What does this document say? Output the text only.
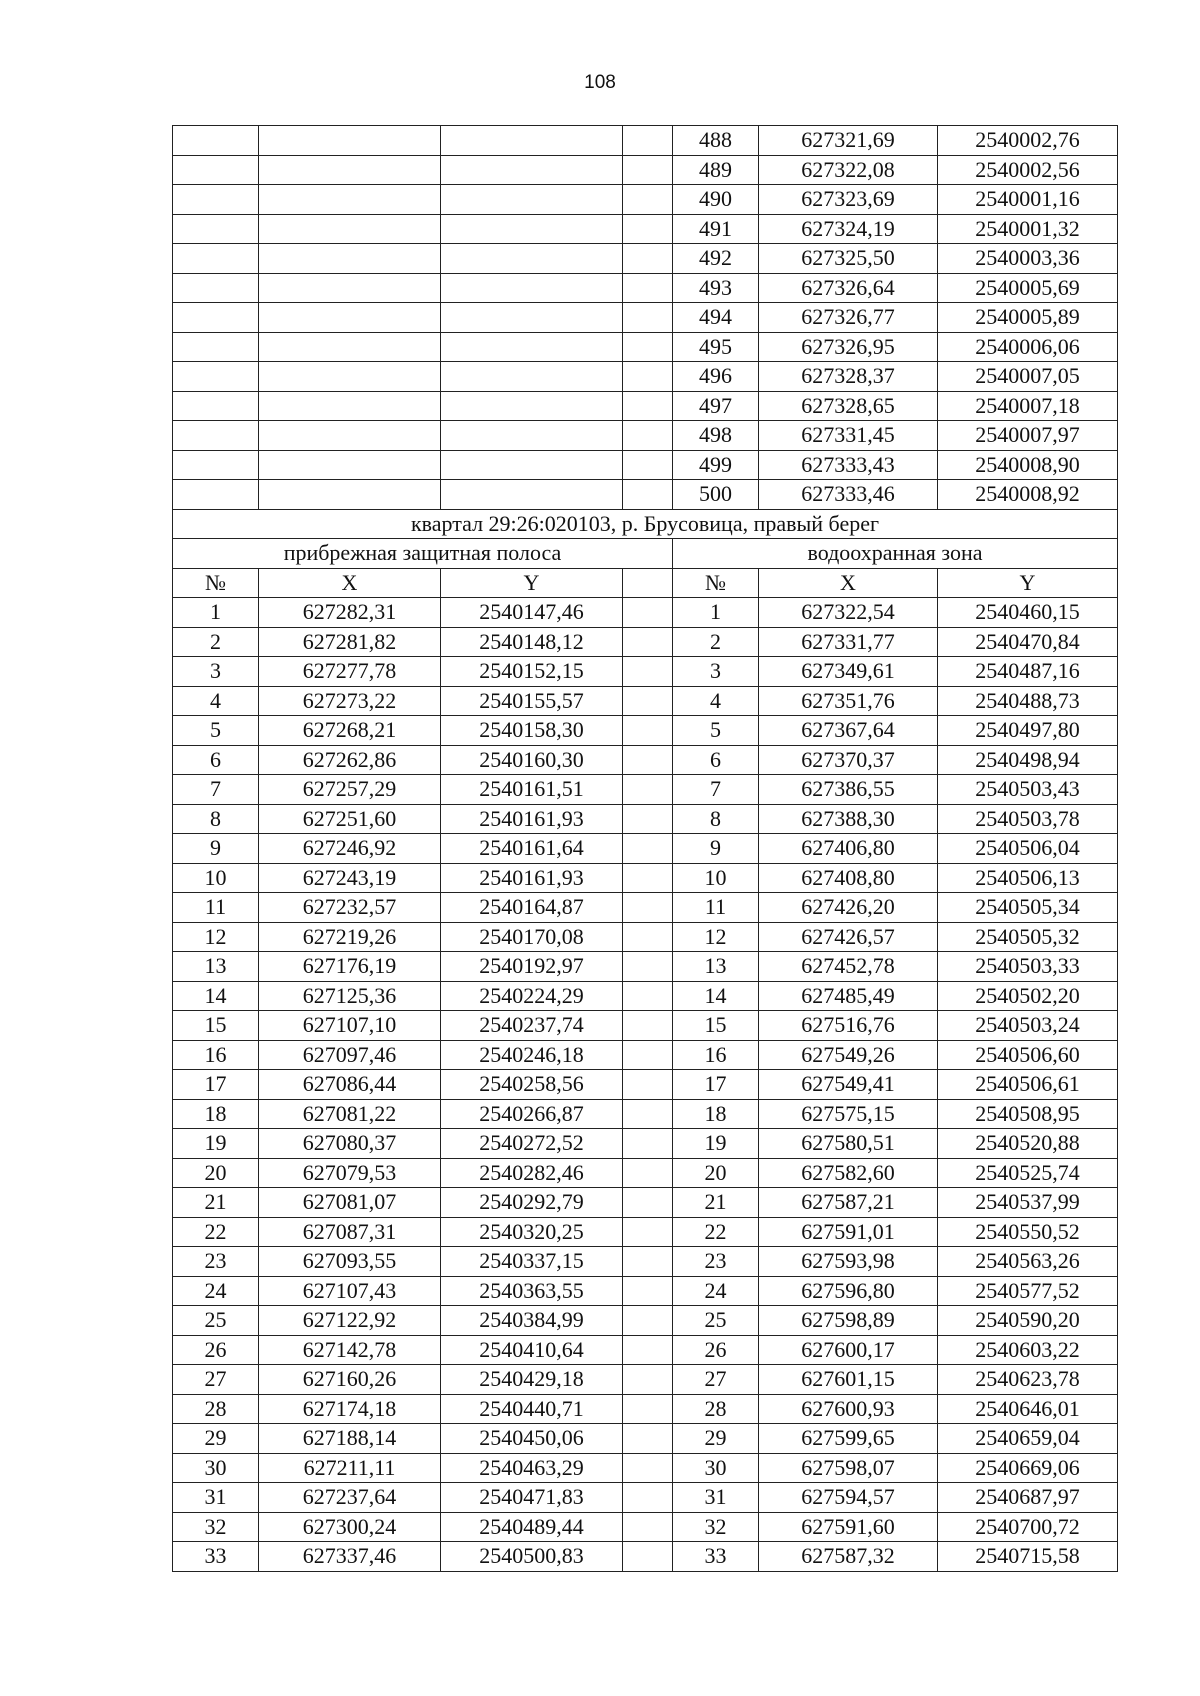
108
				488	627321,69	2540002,76
				489	627322,08	2540002,56
				490	627323,69	2540001,16
				491	627324,19	2540001,32
				492	627325,50	2540003,36
				493	627326,64	2540005,69
				494	627326,77	2540005,89
				495	627326,95	2540006,06
				496	627328,37	2540007,05
				497	627328,65	2540007,18
				498	627331,45	2540007,97
				499	627333,43	2540008,90
				500	627333,46	2540008,92
квартал 29:26:020103, р. Брусовица, правый берег						
прибрежная защитная полоса				водоохранная зона		
№	X	Y		№	X	Y
1	627282,31	2540147,46		1	627322,54	2540460,15
2	627281,82	2540148,12		2	627331,77	2540470,84
3	627277,78	2540152,15		3	627349,61	2540487,16
4	627273,22	2540155,57		4	627351,76	2540488,73
5	627268,21	2540158,30		5	627367,64	2540497,80
6	627262,86	2540160,30		6	627370,37	2540498,94
7	627257,29	2540161,51		7	627386,55	2540503,43
8	627251,60	2540161,93		8	627388,30	2540503,78
9	627246,92	2540161,64		9	627406,80	2540506,04
10	627243,19	2540161,93		10	627408,80	2540506,13
11	627232,57	2540164,87		11	627426,20	2540505,34
12	627219,26	2540170,08		12	627426,57	2540505,32
13	627176,19	2540192,97		13	627452,78	2540503,33
14	627125,36	2540224,29		14	627485,49	2540502,20
15	627107,10	2540237,74		15	627516,76	2540503,24
16	627097,46	2540246,18		16	627549,26	2540506,60
17	627086,44	2540258,56		17	627549,41	2540506,61
18	627081,22	2540266,87		18	627575,15	2540508,95
19	627080,37	2540272,52		19	627580,51	2540520,88
20	627079,53	2540282,46		20	627582,60	2540525,74
21	627081,07	2540292,79		21	627587,21	2540537,99
22	627087,31	2540320,25		22	627591,01	2540550,52
23	627093,55	2540337,15		23	627593,98	2540563,26
24	627107,43	2540363,55		24	627596,80	2540577,52
25	627122,92	2540384,99		25	627598,89	2540590,20
26	627142,78	2540410,64		26	627600,17	2540603,22
27	627160,26	2540429,18		27	627601,15	2540623,78
28	627174,18	2540440,71		28	627600,93	2540646,01
29	627188,14	2540450,06		29	627599,65	2540659,04
30	627211,11	2540463,29		30	627598,07	2540669,06
31	627237,64	2540471,83		31	627594,57	2540687,97
32	627300,24	2540489,44		32	627591,60	2540700,72
33	627337,46	2540500,83		33	627587,32	2540715,58
